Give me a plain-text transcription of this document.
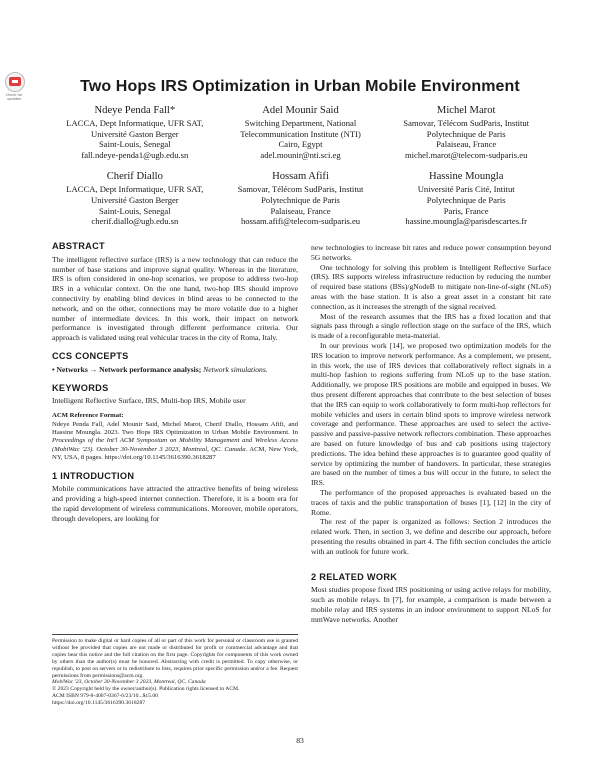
Check for updates
Two Hops IRS Optimization in Urban Mobile Environment
Ndeye Penda Fall*
LACCA, Dept Informatique, UFR SAT,
Université Gaston Berger
Saint-Louis, Senegal
fall.ndeye-penda1@ugb.edu.sn
Adel Mounir Said
Switching Department, National
Telecommunication Institute (NTI)
Cairo, Egypt
adel.mounir@nti.sci.eg
Michel Marot
Samovar, Télécom SudParis, Institut
Polytechnique de Paris
Palaiseau, France
michel.marot@telecom-sudparis.eu
Cherif Diallo
LACCA, Dept Informatique, UFR SAT,
Université Gaston Berger
Saint-Louis, Senegal
cherif.diallo@ugb.edu.sn
Hossam Afifi
Samovar, Télécom SudParis, Institut
Polytechnique de Paris
Palaiseau, France
hossam.afifi@telecom-sudparis.eu
Hassine Moungla
Université Paris Cité, Intitut
Polytechnique de Paris
Paris, France
hassine.moungla@parisdescartes.fr
ABSTRACT

The intelligent reflective surface (IRS) is a new technology that can reduce the number of base stations and improve signal quality. Whereas in the literature, IRS is often considered in one-hop scenarios, we propose to address two-hop IRS in a vehicular context. On the one hand, two-hop IRS should improve connectivity by enabling blind devices in blind areas to be connected to the network, and on the other, connections may be more volatile due to a higher number of intermediate devices. In this work, their impact on network performance is investigated through different performance criteria. Our approach is validated using real vehicular traces in the city of Roma, Italy.

CCS CONCEPTS

• Networks → Network performance analysis; Network simulations.

KEYWORDS

Intelligent Reflective Surface, IRS, Multi-hop IRS, Mobile user

ACM Reference Format:

Ndeye Penda Fall, Adel Mounir Said, Michel Marot, Cherif Diallo, Hossam Afifi, and Hassine Moungla. 2023. Two Hops IRS Optimization in Urban Mobile Environment. In Proceedings of the Int'l ACM Symposium on Mobility Management and Wireless Access (MobiWac '23). October 30-November 3 2023, Montreal, QC. Canada. ACM, New York, NY, USA, 8 pages. https://doi.org/10.1145/3616390.3618287

1 INTRODUCTION

Mobile communications have attracted the attractive benefits of being wireless and providing a high-speed internet connection. Therefore, it is a boom era for the rapid development of wireless communications. Moreover, mobile operators, through developers, are looking for

Permission to make digital or hard copies of all or part of this work for personal or classroom use is granted without fee provided that copies are not made or distributed for profit or commercial advantage and that copies bear this notice and the full citation on the first page. Copyrights for components of this work owned by others than the author(s) must be honored. Abstracting with credit is permitted. To copy otherwise, or republish, to post on servers or to redistribute to lists, requires prior specific permission and/or a fee. Request permissions from permissions@acm.org.
MobiWac '23, October 30-November 3 2023, Montreal, QC, Canada
© 2023 Copyright held by the owner/author(s). Publication rights licensed to ACM.
ACM ISBN 979-8-4007-0367-6/23/10...$15.00
https://doi.org/10.1145/3616390.3618287

new technologies to increase bit rates and reduce power consumption beyond 5G networks.

One technology for solving this problem is Intelligent Reflective Surface (IRS). IRS supports wireless infrastructure reduction by reducing the number of required base stations (BSs)/gNodeB to mitigate non-line-of-sight (NLoS) areas with the base station. It is also a great asset in a constant bit rate connection, as it increases the strength of the signal received.

Most of the research assumes that the IRS has a fixed location and that signals pass through a single reflection stage on the surface of the IRS, which is made of a reconfigurable meta-material.

In our previous work [14], we proposed two optimization models for the IRS location to improve network performance. As a complement, we present, in this work, the use of IRS devices that collaboratively reflect signals in a multi-hop fashion to regions suffering from NLoS up to the base station. Additionally, we propose IRS positions are mobile and equipped in buses. We thus present different approaches that contribute to the best selection of buses that the IRS can equip to work collaboratively to form multi-hop reflectors for mobile vehicles and users in certain blind spots to improve wireless network coverage and performance. These approaches are used to select the active-passive and passive-passive network reflectors combination. These approaches are based on future knowledge of bus and cab positions using trajectory predictions. The idea behind these approaches is to guarantee good quality of service by optimizing the number of handovers. In particular, these strategies are based on the number of times a bus will occur in the future, to select the IRS.

The performance of the proposed approaches is evaluated based on the traces of taxis and the public transportation of buses [1], [12] in the city of Rome.

The rest of the paper is organized as follows: Section 2 introduces the related work. Then, in section 3, we define and describe our approach, before presenting the results obtained in part 4. The fifth section concludes the article with an outlook for future work.

2 RELATED WORK

Most studies propose fixed IRS positioning or using active relays for mobility, such as mobile relays. In [7], for example, a comparison is made between a mobile relay and IRS systems in an indoor environment to support NLoS for mmWave networks. Another

83
